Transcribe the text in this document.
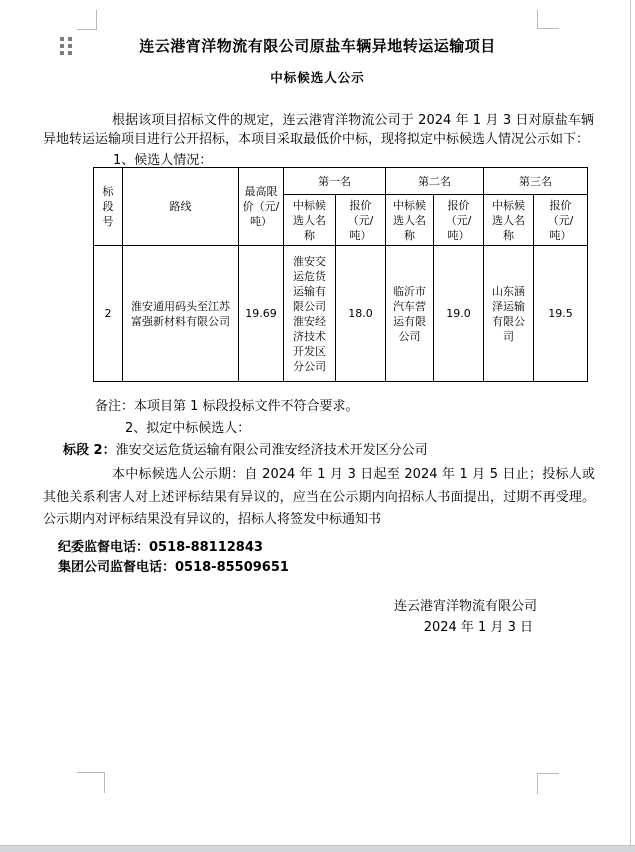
连云港宵洋物流有限公司原盐车辆异地转运运输项目
中标候选人公示
根据该项目招标文件的规定，连云港宵洋物流公司于 2024 年 1 月 3 日对原盐车辆异地转运运输项目进行公开招标，本项目采取最低价中标，现将拟定中标候选人情况公示如下：
1、候选人情况：
标段号	路线	最高限价（元/吨）	第一名		第二名		第三名	
			中标候选人名称	报价（元/吨）	中标候选人名称	报价（元/吨）	中标候选人名称	报价（元/吨）
2	淮安通用码头至江苏富强新材料有限公司	19.69	淮安交运危货运输有限公司淮安经济技术开发区分公司	18.0	临沂市汽车营运有限公司	19.0	山东涵泽运输有限公司	19.5
备注：本项目第 1 标段投标文件不符合要求。
2、拟定中标候选人：
标段 2：淮安交运危货运输有限公司淮安经济技术开发区分公司
本中标候选人公示期：自 2024 年 1 月 3 日起至 2024 年 1 月 5 日止；投标人或其他关系利害人对上述评标结果有异议的，应当在公示期内向招标人书面提出，过期不再受理。公示期内对评标结果没有异议的，招标人将签发中标通知书
纪委监督电话：0518-88112843
集团公司监督电话：0518-85509651
连云港宵洋物流有限公司
2024 年 1 月 3 日
